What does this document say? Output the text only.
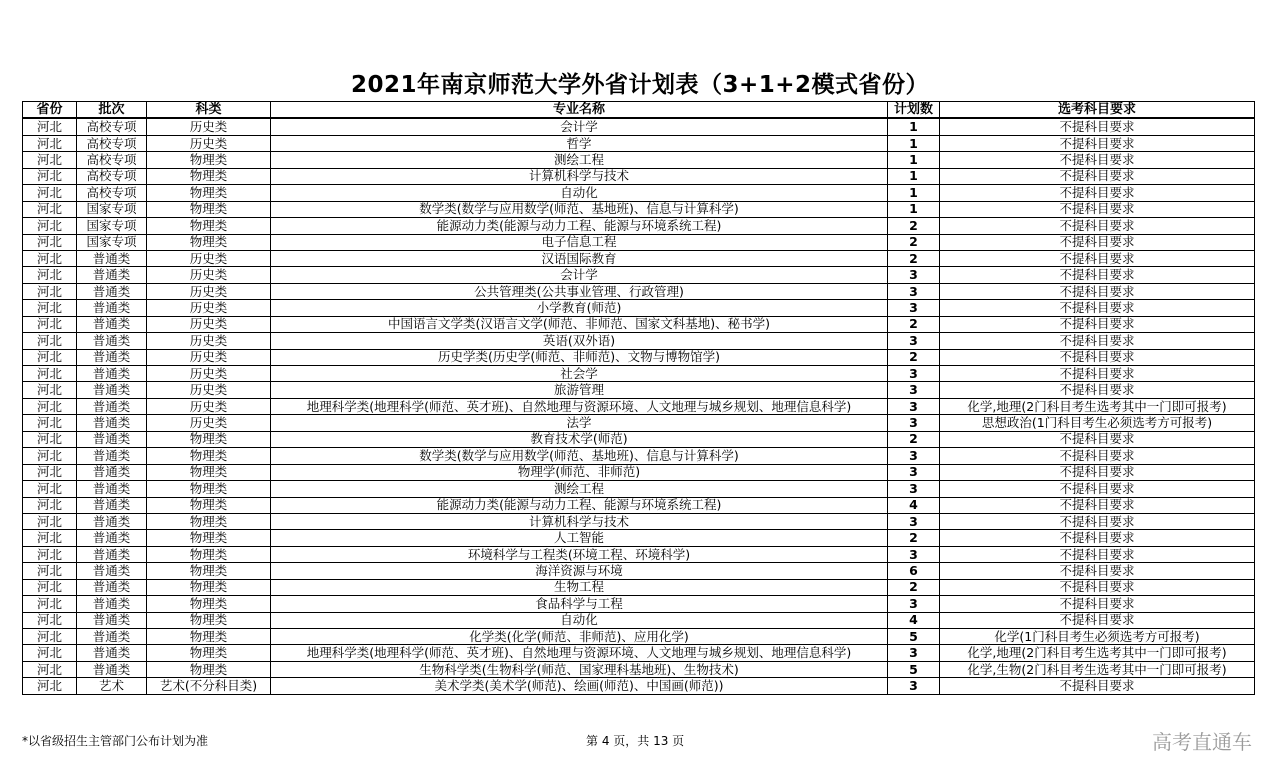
2021年南京师范大学外省计划表（3+1+2模式省份）
省份	批次	科类	专业名称	计划数	选考科目要求
河北	高校专项	历史类	会计学	1	不提科目要求
河北	高校专项	历史类	哲学	1	不提科目要求
河北	高校专项	物理类	测绘工程	1	不提科目要求
河北	高校专项	物理类	计算机科学与技术	1	不提科目要求
河北	高校专项	物理类	自动化	1	不提科目要求
河北	国家专项	物理类	数学类(数学与应用数学(师范、基地班)、信息与计算科学)	1	不提科目要求
河北	国家专项	物理类	能源动力类(能源与动力工程、能源与环境系统工程)	2	不提科目要求
河北	国家专项	物理类	电子信息工程	2	不提科目要求
河北	普通类	历史类	汉语国际教育	2	不提科目要求
河北	普通类	历史类	会计学	3	不提科目要求
河北	普通类	历史类	公共管理类(公共事业管理、行政管理)	3	不提科目要求
河北	普通类	历史类	小学教育(师范)	3	不提科目要求
河北	普通类	历史类	中国语言文学类(汉语言文学(师范、非师范、国家文科基地)、秘书学)	2	不提科目要求
河北	普通类	历史类	英语(双外语)	3	不提科目要求
河北	普通类	历史类	历史学类(历史学(师范、非师范)、文物与博物馆学)	2	不提科目要求
河北	普通类	历史类	社会学	3	不提科目要求
河北	普通类	历史类	旅游管理	3	不提科目要求
河北	普通类	历史类	地理科学类(地理科学(师范、英才班)、自然地理与资源环境、人文地理与城乡规划、地理信息科学)	3	化学,地理(2门科目考生选考其中一门即可报考)
河北	普通类	历史类	法学	3	思想政治(1门科目考生必须选考方可报考)
河北	普通类	物理类	教育技术学(师范)	2	不提科目要求
河北	普通类	物理类	数学类(数学与应用数学(师范、基地班)、信息与计算科学)	3	不提科目要求
河北	普通类	物理类	物理学(师范、非师范)	3	不提科目要求
河北	普通类	物理类	测绘工程	3	不提科目要求
河北	普通类	物理类	能源动力类(能源与动力工程、能源与环境系统工程)	4	不提科目要求
河北	普通类	物理类	计算机科学与技术	3	不提科目要求
河北	普通类	物理类	人工智能	2	不提科目要求
河北	普通类	物理类	环境科学与工程类(环境工程、环境科学)	3	不提科目要求
河北	普通类	物理类	海洋资源与环境	6	不提科目要求
河北	普通类	物理类	生物工程	2	不提科目要求
河北	普通类	物理类	食品科学与工程	3	不提科目要求
河北	普通类	物理类	自动化	4	不提科目要求
河北	普通类	物理类	化学类(化学(师范、非师范)、应用化学)	5	化学(1门科目考生必须选考方可报考)
河北	普通类	物理类	地理科学类(地理科学(师范、英才班)、自然地理与资源环境、人文地理与城乡规划、地理信息科学)	3	化学,地理(2门科目考生选考其中一门即可报考)
河北	普通类	物理类	生物科学类(生物科学(师范、国家理科基地班)、生物技术)	5	化学,生物(2门科目考生选考其中一门即可报考)
河北	艺术	艺术(不分科目类)	美术学类(美术学(师范)、绘画(师范)、中国画(师范))	3	不提科目要求
*以省级招生主管部门公布计划为准	第 4 页，共 13 页	高考直通车
